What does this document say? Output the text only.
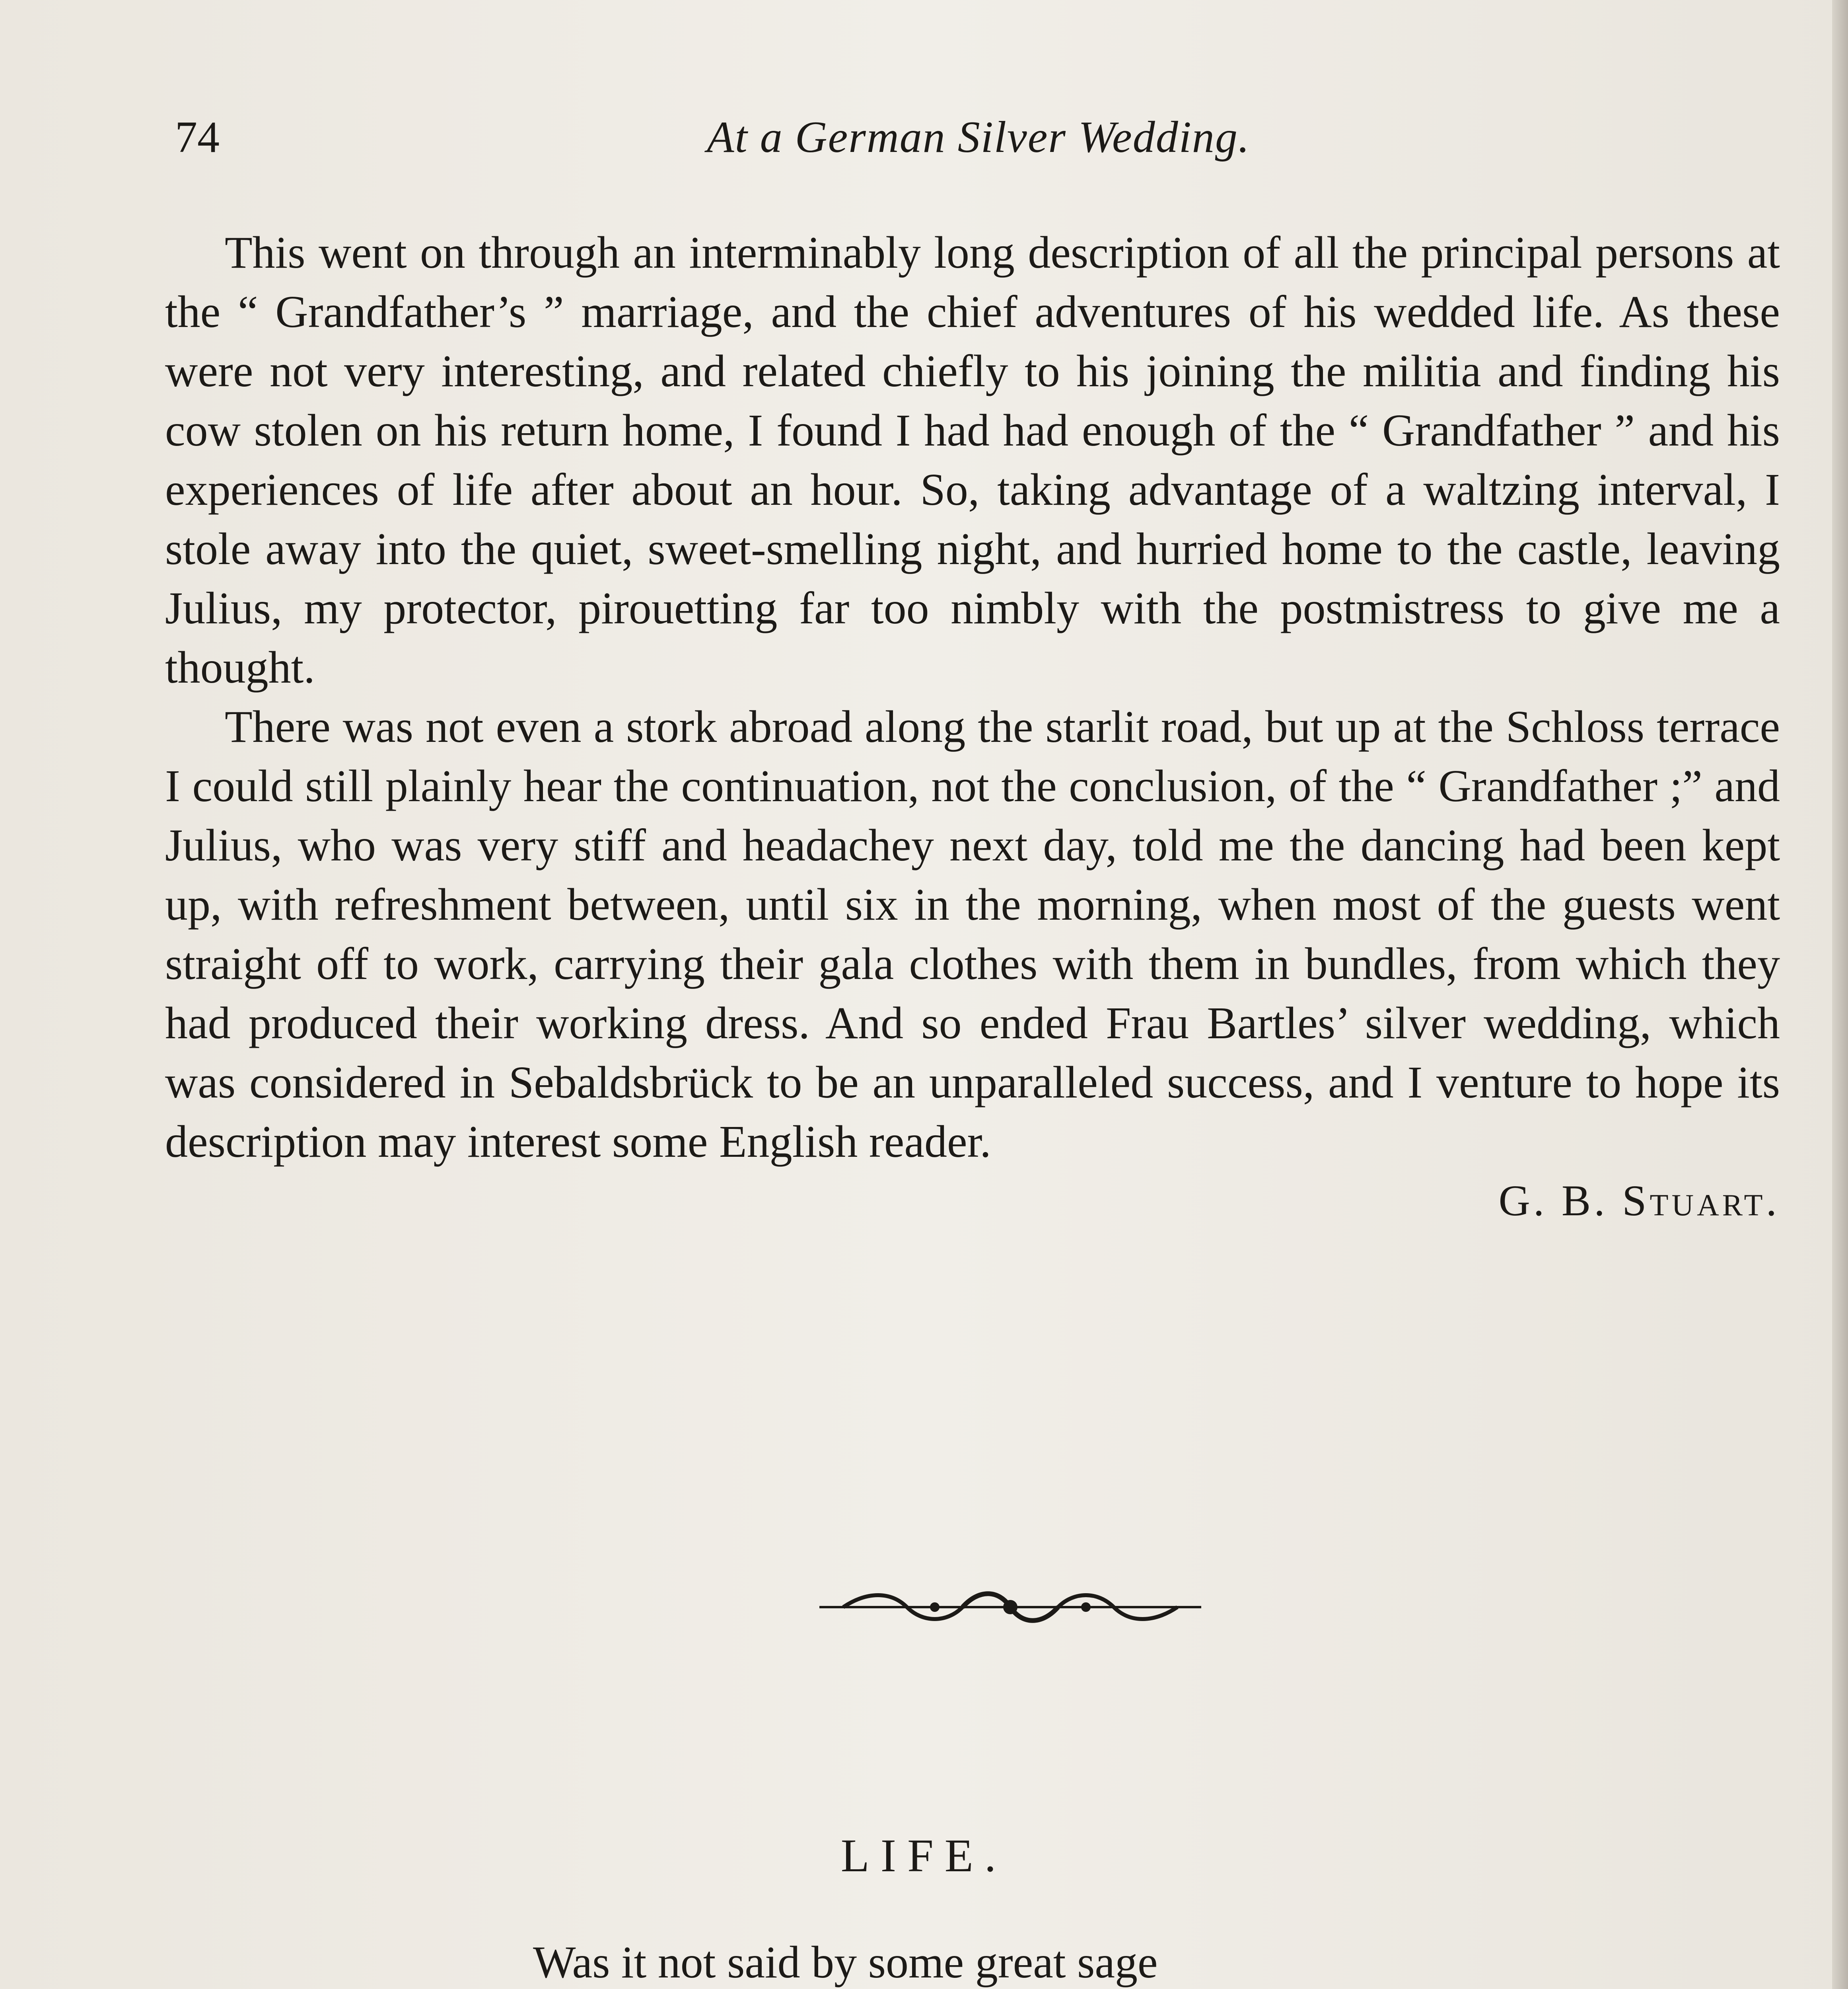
74	At a German Silver Wedding.

This went on through an interminably long description of all the principal persons at the “ Grandfather’s ” marriage, and the chief adventures of his wedded life. As these were not very interesting, and related chiefly to his joining the militia and finding his cow stolen on his return home, I found I had had enough of the “ Grandfather ” and his experiences of life after about an hour. So, taking advantage of a waltzing interval, I stole away into the quiet, sweet-smelling night, and hurried home to the castle, leaving Julius, my protector, pirouetting far too nimbly with the postmistress to give me a thought.

There was not even a stork abroad along the starlit road, but up at the Schloss terrace I could still plainly hear the continuation, not the conclusion, of the “ Grandfather ;” and Julius, who was very stiff and headachey next day, told me the dancing had been kept up, with refreshment between, until six in the morning, when most of the guests went straight off to work, carrying their gala clothes with them in bundles, from which they had produced their working dress. And so ended Frau Bartles’ silver wedding, which was considered in Sebaldsbrück to be an unparalleled success, and I venture to hope its description may interest some English reader.

G. B. Stuart.
LIFE.
Was it not said by some great sage
